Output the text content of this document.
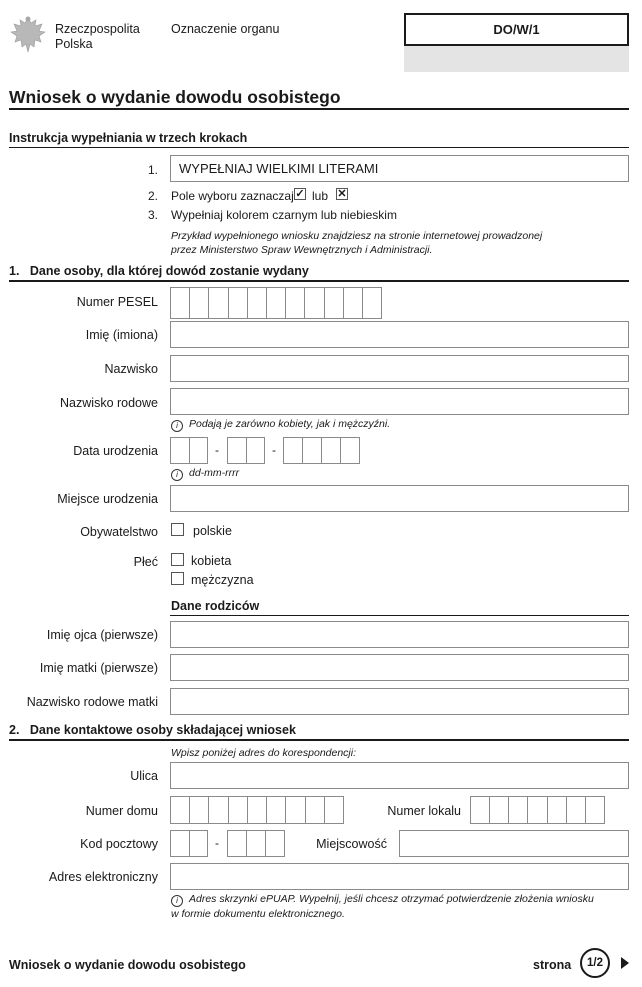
Rzeczpospolita
Polska
Oznaczenie organu	DO/W/1
Wniosek o wydanie dowodu osobistego
Instrukcja wypełniania w trzech krokach
1.	WYPEŁNIAJ WIELKIMI LITERAMI
2. Pole wyboru zaznaczaj ✓ lub ✕
3. Wypełniaj kolorem czarnym lub niebieskim
Przykład wypełnionego wniosku znajdziesz na stronie internetowej prowadzonej
przez Ministerstwo Spraw Wewnętrznych i Administracji.
1.   Dane osoby, dla której dowód zostanie wydany
Numer PESEL
Imię (imiona)
Nazwisko
Nazwisko rodowe
i Podają je zarówno kobiety, jak i mężczyźni.
Data urodzenia	-	-
i dd-mm-rrrr
Miejsce urodzenia
Obywatelstwo	polskie
Płeć	kobieta
mężczyzna
Dane rodziców
Imię ojca (pierwsze)
Imię matki (pierwsze)
Nazwisko rodowe matki
2.   Dane kontaktowe osoby składającej wniosek
Wpisz poniżej adres do korespondencji:
Ulica
Numer domu	Numer lokalu
Kod pocztowy	-	Miejscowość
Adres elektroniczny
i Adres skrzynki ePUAP. Wypełnij, jeśli chcesz otrzymać potwierdzenie złożenia wniosku
w formie dokumentu elektronicznego.
Wniosek o wydanie dowodu osobistego	strona	1/2
